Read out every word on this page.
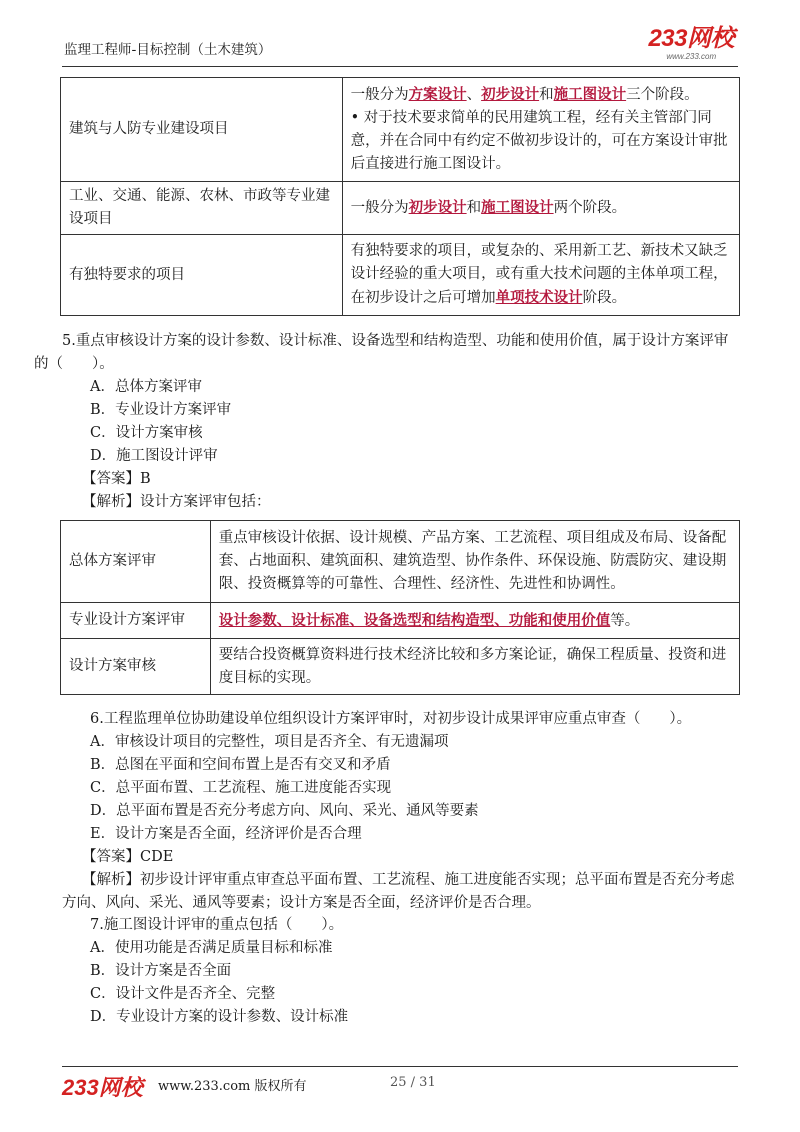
监理工程师-目标控制（土木建筑）	233网校
www.233.com
建筑与人防专业建设项目	一般分为方案设计、初步设计和施工图设计三个阶段。
• 对于技术要求简单的民用建筑工程，经有关主管部门同意，并在合同中有约定不做初步设计的，可在方案设计审批后直接进行施工图设计。

工业、交通、能源、农林、市政等专业建设项目	一般分为初步设计和施工图设计两个阶段。
有独特要求的项目	有独特要求的项目，或复杂的、采用新工艺、新技术又缺乏设计经验的重大项目，或有重大技术问题的主体单项工程，在初步设计之后可增加单项技术设计阶段。

5.重点审核设计方案的设计参数、设计标准、设备选型和结构造型、功能和使用价值，属于设计方案评审的（　　）。

A．总体方案评审

B．专业设计方案评审

C．设计方案审核

D．施工图设计评审

【答案】B

【解析】设计方案评审包括：

总体方案评审	重点审核设计依据、设计规模、产品方案、工艺流程、项目组成及布局、设备配套、占地面积、建筑面积、建筑造型、协作条件、环保设施、防震防灾、建设期限、投资概算等的可靠性、合理性、经济性、先进性和协调性。
专业设计方案评审	设计参数、设计标准、设备选型和结构造型、功能和使用价值等。
设计方案审核	要结合投资概算资料进行技术经济比较和多方案论证，确保工程质量、投资和进度目标的实现。

6.工程监理单位协助建设单位组织设计方案评审时，对初步设计成果评审应重点审查（　　）。

A．审核设计项目的完整性，项目是否齐全、有无遗漏项

B．总图在平面和空间布置上是否有交叉和矛盾

C．总平面布置、工艺流程、施工进度能否实现

D．总平面布置是否充分考虑方向、风向、采光、通风等要素

E．设计方案是否全面，经济评价是否合理

【答案】CDE

【解析】初步设计评审重点审查总平面布置、工艺流程、施工进度能否实现；总平面布置是否充分考虑方向、风向、采光、通风等要素；设计方案是否全面，经济评价是否合理。

7.施工图设计评审的重点包括（　　）。

A．使用功能是否满足质量目标和标准

B．设计方案是否全面

C．设计文件是否齐全、完整

D．专业设计方案的设计参数、设计标准

233网校 www.233.com 版权所有	25 / 31
